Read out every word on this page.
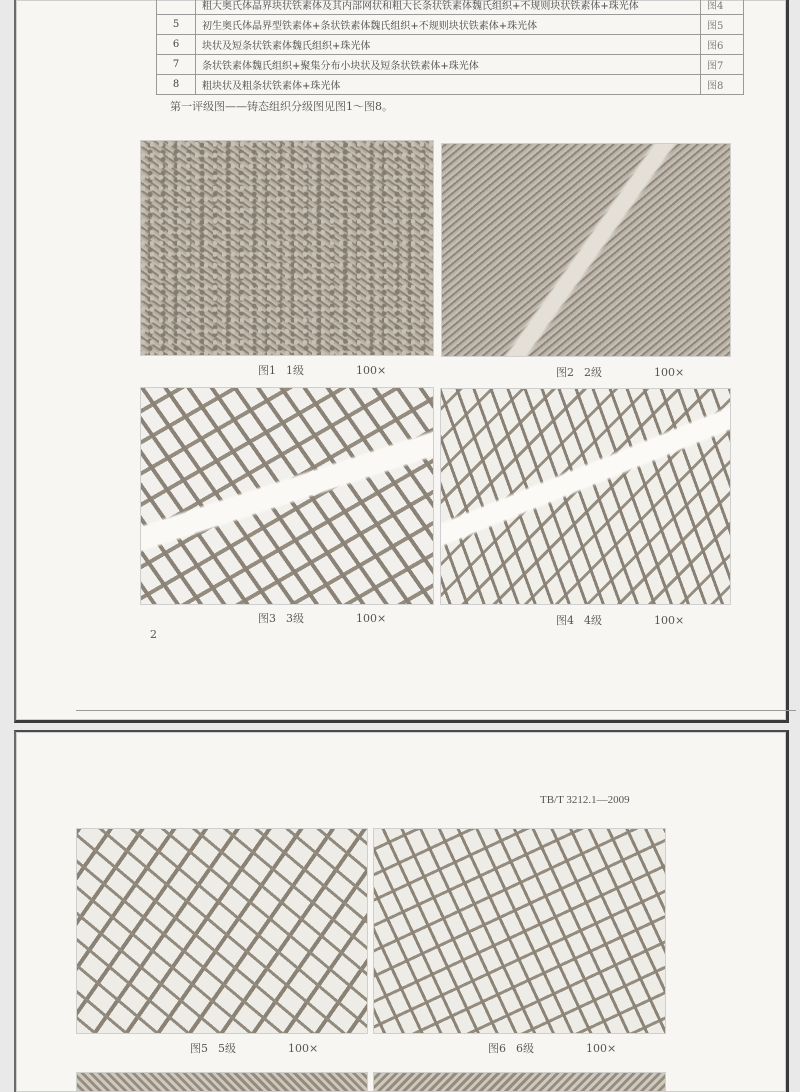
	粗大奥氏体晶界块状铁素体及其内部网状和粗大长条状铁素体魏氏组织+不规则块状铁素体+珠光体	图4
5	初生奥氏体晶界型铁素体+条状铁素体魏氏组织+不规则块状铁素体+珠光体	图5
6	块状及短条状铁素体魏氏组织+珠光体	图6
7	条状铁素体魏氏组织+聚集分布小块状及短条状铁素体+珠光体	图7
8	粗块状及粗条状铁素体+珠光体	图8
第一评级图——铸态组织分级图见图1～图8。
图1 1级	100×	图2 2级	100×
图3 3级	100×	图4 4级	100×
2
TB/T 3212.1—2009
图5 5级	100×	图6 6级	100×
